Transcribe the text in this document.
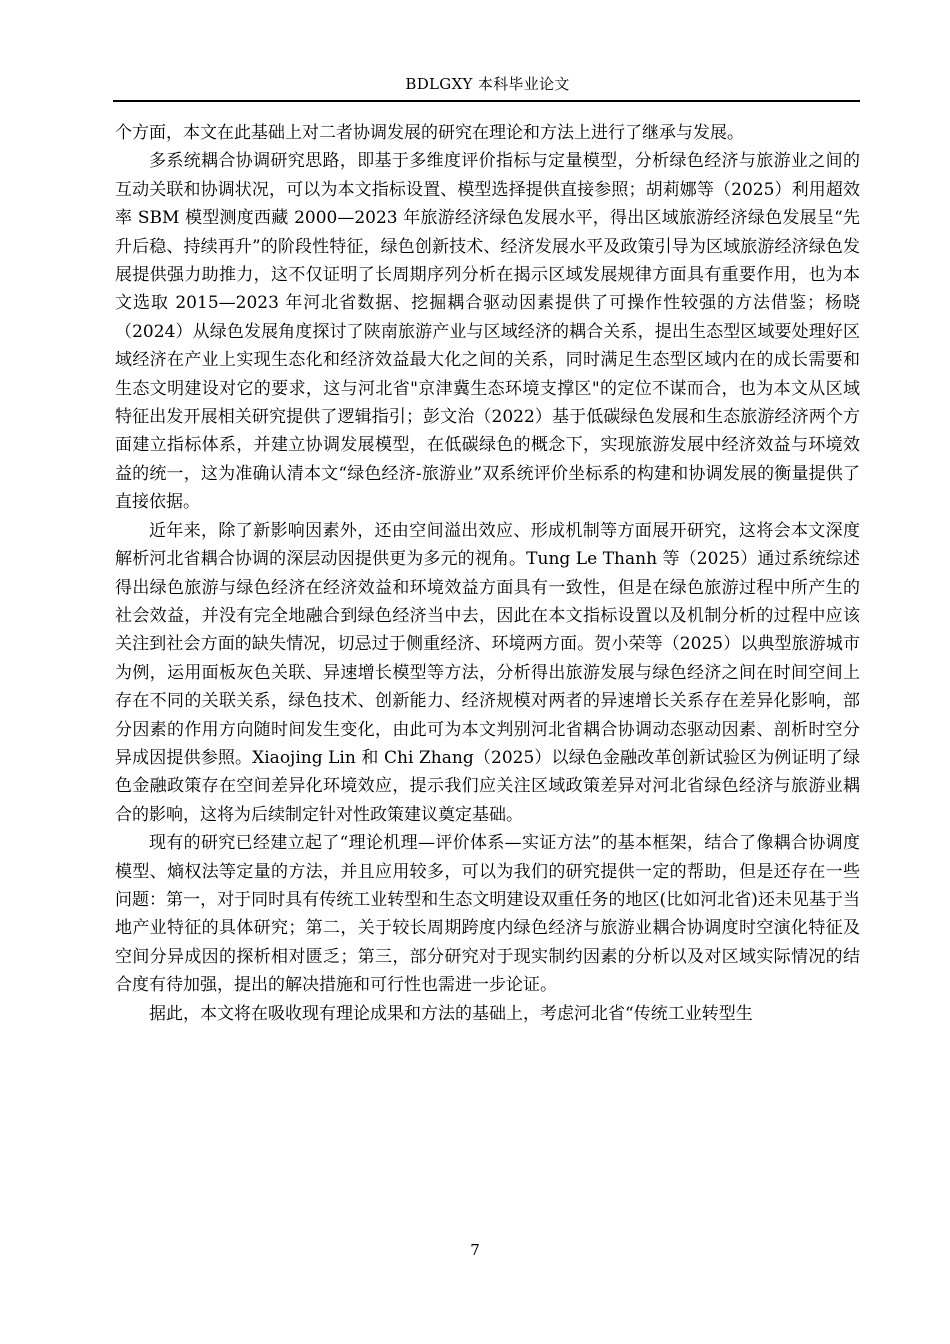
BDLGXY 本科毕业论文

个方面，本文在此基础上对二者协调发展的研究在理论和方法上进行了继承与发展。

多系统耦合协调研究思路，即基于多维度评价指标与定量模型，分析绿色经济与旅游业之间的互动关联和协调状况，可以为本文指标设置、模型选择提供直接参照；胡莉娜等（2025）利用超效率 SBM 模型测度西藏 2000—2023 年旅游经济绿色发展水平，得出区域旅游经济绿色发展呈“先升后稳、持续再升”的阶段性特征，绿色创新技术、经济发展水平及政策引导为区域旅游经济绿色发展提供强力助推力，这不仅证明了长周期序列分析在揭示区域发展规律方面具有重要作用，也为本文选取 2015—2023 年河北省数据、挖掘耦合驱动因素提供了可操作性较强的方法借鉴；杨晓（2024）从绿色发展角度探讨了陕南旅游产业与区域经济的耦合关系，提出生态型区域要处理好区域经济在产业上实现生态化和经济效益最大化之间的关系，同时满足生态型区域内在的成长需要和生态文明建设对它的要求，这与河北省"京津冀生态环境支撑区"的定位不谋而合，也为本文从区域特征出发开展相关研究提供了逻辑指引；彭文治（2022）基于低碳绿色发展和生态旅游经济两个方面建立指标体系，并建立协调发展模型，在低碳绿色的概念下，实现旅游发展中经济效益与环境效益的统一，这为准确认清本文“绿色经济-旅游业”双系统评价坐标系的构建和协调发展的衡量提供了直接依据。

近年来，除了新影响因素外，还由空间溢出效应、形成机制等方面展开研究，这将会本文深度解析河北省耦合协调的深层动因提供更为多元的视角。Tung Le Thanh 等（2025）通过系统综述得出绿色旅游与绿色经济在经济效益和环境效益方面具有一致性，但是在绿色旅游过程中所产生的社会效益，并没有完全地融合到绿色经济当中去，因此在本文指标设置以及机制分析的过程中应该关注到社会方面的缺失情况，切忌过于侧重经济、环境两方面。贺小荣等（2025）以典型旅游城市为例，运用面板灰色关联、异速增长模型等方法，分析得出旅游发展与绿色经济之间在时间空间上存在不同的关联关系，绿色技术、创新能力、经济规模对两者的异速增长关系存在差异化影响，部分因素的作用方向随时间发生变化，由此可为本文判别河北省耦合协调动态驱动因素、剖析时空分异成因提供参照。Xiaojing Lin 和 Chi Zhang（2025）以绿色金融改革创新试验区为例证明了绿色金融政策存在空间差异化环境效应，提示我们应关注区域政策差异对河北省绿色经济与旅游业耦合的影响，这将为后续制定针对性政策建议奠定基础。

现有的研究已经建立起了“理论机理—评价体系—实证方法”的基本框架，结合了像耦合协调度模型、熵权法等定量的方法，并且应用较多，可以为我们的研究提供一定的帮助，但是还存在一些问题：第一，对于同时具有传统工业转型和生态文明建设双重任务的地区(比如河北省)还未见基于当地产业特征的具体研究；第二，关于较长周期跨度内绿色经济与旅游业耦合协调度时空演化特征及空间分异成因的探析相对匮乏；第三，部分研究对于现实制约因素的分析以及对区域实际情况的结合度有待加强，提出的解决措施和可行性也需进一步论证。

据此，本文将在吸收现有理论成果和方法的基础上，考虑河北省“传统工业转型生

7
